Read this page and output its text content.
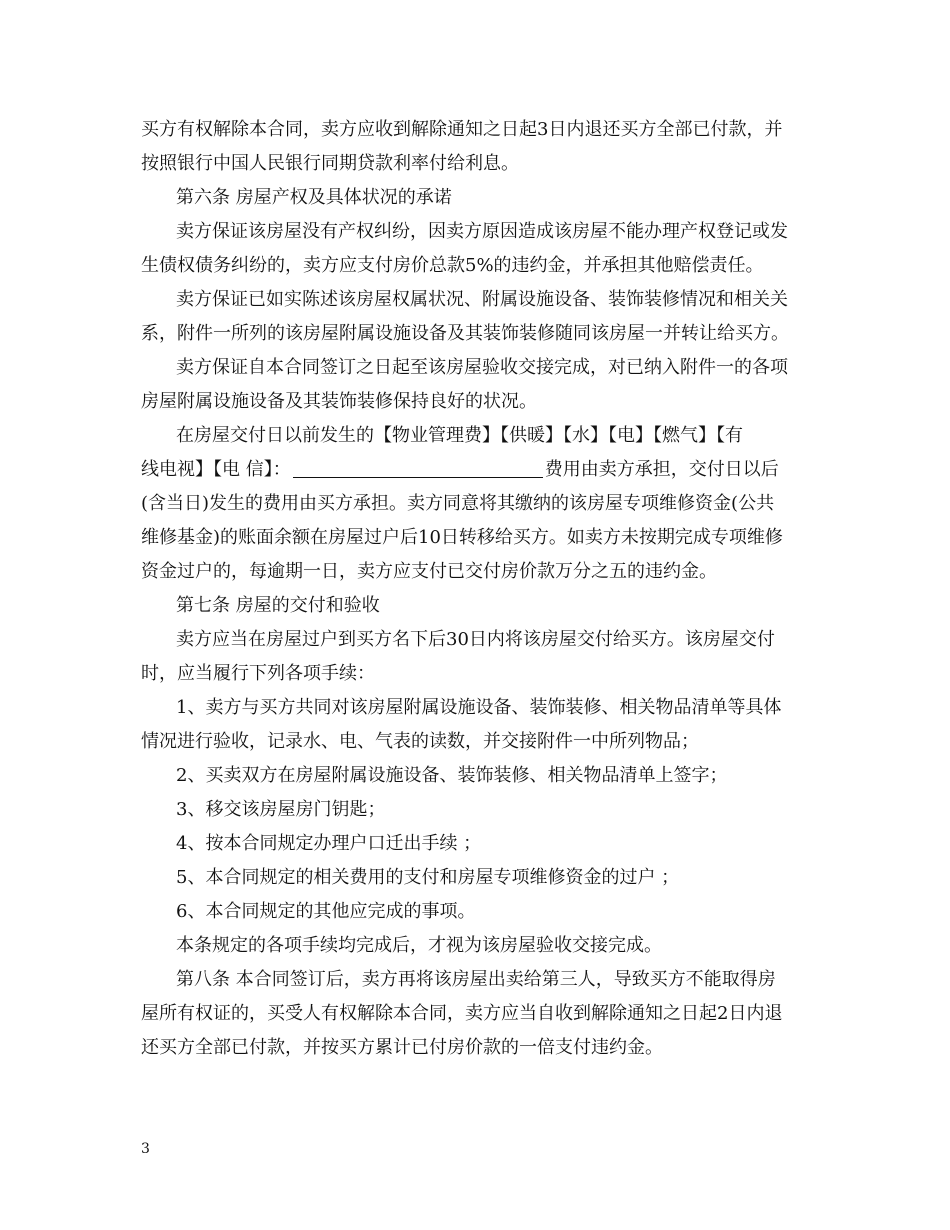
买方有权解除本合同，卖方应收到解除通知之日起3日内退还买方全部已付款，并
按照银行中国人民银行同期贷款利率付给利息。
第六条 房屋产权及具体状况的承诺
卖方保证该房屋没有产权纠纷，因卖方原因造成该房屋不能办理产权登记或发
生债权债务纠纷的，卖方应支付房价总款5%的违约金，并承担其他赔偿责任。
卖方保证已如实陈述该房屋权属状况、附属设施设备、装饰装修情况和相关关
系，附件一所列的该房屋附属设施设备及其装饰装修随同该房屋一并转让给买方。
卖方保证自本合同签订之日起至该房屋验收交接完成，对已纳入附件一的各项
房屋附属设施设备及其装饰装修保持良好的状况。
在房屋交付日以前发生的【物业管理费】【供暖】【水】【电】【燃气】【有
线电视】【电 信】：	费用由卖方承担，交付日以后
(含当日)发生的费用由买方承担。卖方同意将其缴纳的该房屋专项维修资金(公共
维修基金)的账面余额在房屋过户后10日转移给买方。如卖方未按期完成专项维修
资金过户的，每逾期一日，卖方应支付已交付房价款万分之五的违约金。
第七条 房屋的交付和验收
卖方应当在房屋过户到买方名下后30日内将该房屋交付给买方。该房屋交付
时，应当履行下列各项手续：
1、卖方与买方共同对该房屋附属设施设备、装饰装修、相关物品清单等具体
情况进行验收，记录水、电、气表的读数，并交接附件一中所列物品；
2、买卖双方在房屋附属设施设备、装饰装修、相关物品清单上签字；
3、移交该房屋房门钥匙；
4、按本合同规定办理户口迁出手续 ；
5、本合同规定的相关费用的支付和房屋专项维修资金的过户 ；
6、本合同规定的其他应完成的事项。
本条规定的各项手续均完成后，才视为该房屋验收交接完成。
第八条 本合同签订后，卖方再将该房屋出卖给第三人，导致买方不能取得房
屋所有权证的，买受人有权解除本合同，卖方应当自收到解除通知之日起2日内退
还买方全部已付款，并按买方累计已付房价款的一倍支付违约金。
3
